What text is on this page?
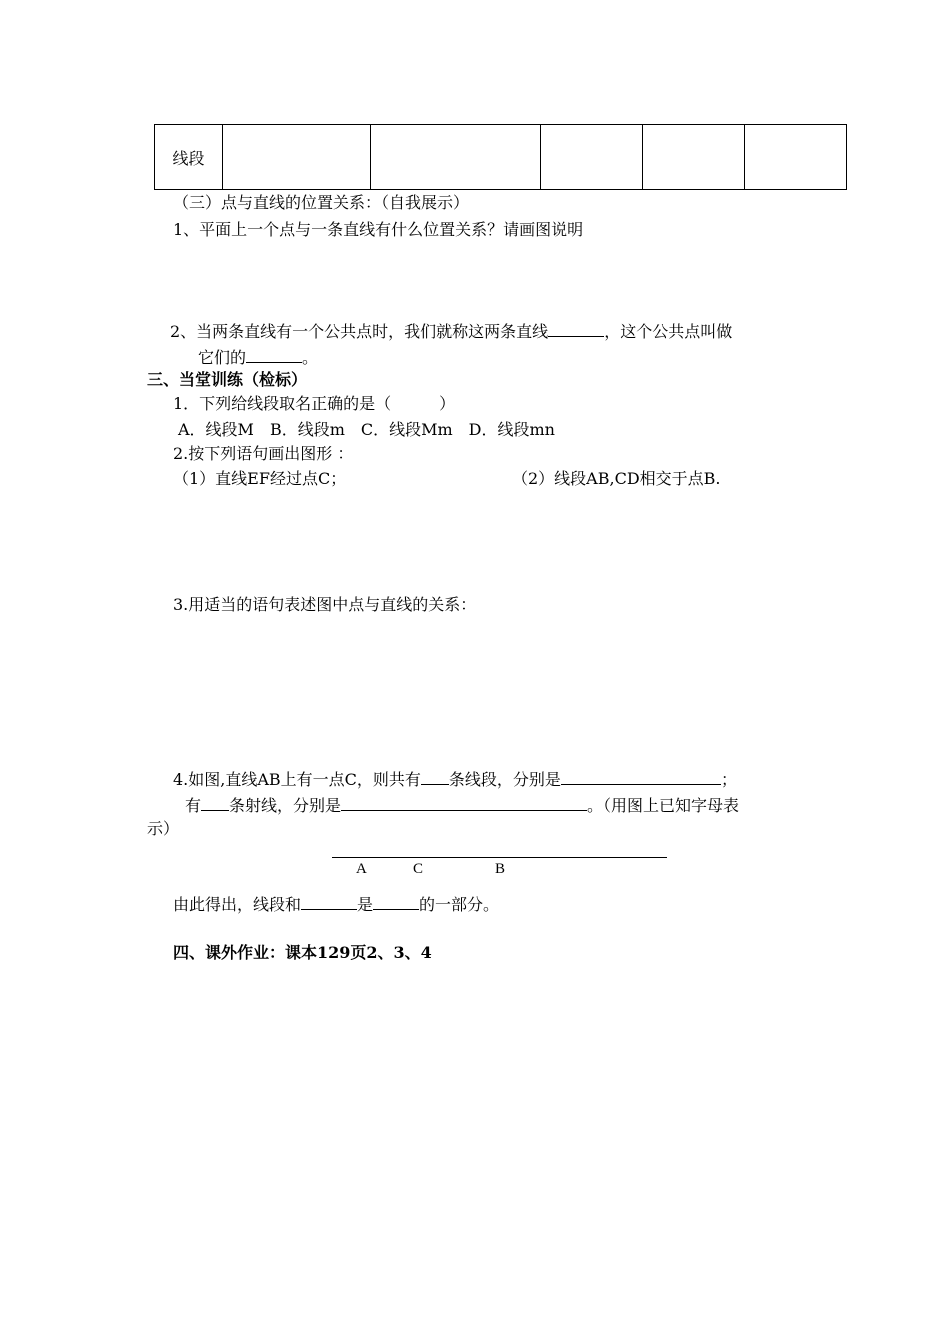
线段					
（三）点与直线的位置关系：（自我展示）
1、平面上一个点与一条直线有什么位置关系？请画图说明
2、当两条直线有一个公共点时，我们就称这两条直线	，这个公共点叫做
它们的	。
三、当堂训练（检标）
1．下列给线段取名正确的是（　　　）
A．线段M　B．线段m　C．线段Mm　D．线段mn
2.按下列语句画出图形 ：
（1）直线EF经过点C；	（2）线段AB,CD相交于点B.
3.用适当的语句表述图中点与直线的关系：
4.如图,直线AB上有一点C，则共有 条线段，分别是	；
有 条射线，分别是	。（用图上已知字母表
示）
A	C	B
由此得出，线段和	是	的一部分。
四、课外作业：课本129页2、3、4
